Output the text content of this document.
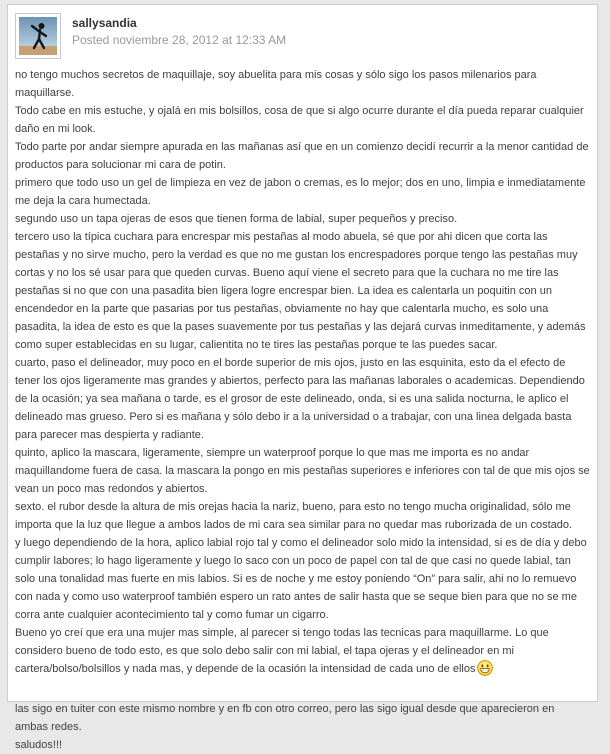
sallysandia
Posted noviembre 28, 2012 at 12:33 AM

no tengo muchos secretos de maquillaje, soy abuelita para mis cosas y sólo sigo los pasos milenarios para maquillarse.

Todo cabe en mis estuche, y ojalá en mis bolsillos, cosa de que si algo ocurre durante el día pueda reparar cualquier daño en mi look.

Todo parte por andar siempre apurada en las mañanas así que en un comienzo decidí recurrir a la menor cantidad de productos para solucionar mi cara de potin.

primero que todo uso un gel de limpieza en vez de jabon o cremas, es lo mejor; dos en uno, limpia e inmediatamente me deja la cara humectada.

segundo uso un tapa ojeras de esos que tienen forma de labial, super pequeños y preciso.

tercero uso la típica cuchara para encrespar mis pestañas al modo abuela, sé que por ahi dicen que corta las pestañas y no sirve mucho, pero la verdad es que no me gustan los encrespadores porque tengo las pestañas muy cortas y no los sé usar para que queden curvas. Bueno aquí viene el secreto para que la cuchara no me tire las pestañas si no que con una pasadita bien ligera logre encrespar bien. La idea es calentarla un poquitin con un encendedor en la parte que pasarias por tus pestañas, obviamente no hay que calentarla mucho, es solo una pasadita, la idea de esto es que la pases suavemente por tus pestañas y las dejará curvas inmeditamente, y además como super establecidas en su lugar, calientita no te tires las pestañas porque te las puedes sacar.

cuarto, paso el delineador, muy poco en el borde superior de mis ojos, justo en las esquinita, esto da el efecto de tener los ojos ligeramente mas grandes y abiertos, perfecto para las mañanas laborales o academicas. Dependiendo de la ocasión; ya sea mañana o tarde, es el grosor de este delineado, onda, si es una salida nocturna, le aplico el delineado mas grueso. Pero si es mañana y sólo debo ir a la universidad o a trabajar, con una linea delgada basta para parecer mas despierta y radiante.

quinto, aplico la mascara, ligeramente, siempre un waterproof porque lo que mas me importa es no andar maquillandome fuera de casa. la mascara la pongo en mis pestañas superiores e inferiores con tal de que mis ojos se vean un poco mas redondos y abiertos.

sexto. el rubor desde la altura de mis orejas hacia la nariz, bueno, para esto no tengo mucha originalidad, sólo me importa que la luz que llegue a ambos lados de mi cara sea similar para no quedar mas ruborizada de un costado.

y luego dependiendo de la hora, aplico labial rojo tal y como el delineador solo mido la intensidad, si es de día y debo cumplir labores; lo hago ligeramente y luego lo saco con un poco de papel con tal de que casi no quede labial, tan solo una tonalidad mas fuerte en mis labios. Si es de noche y me estoy poniendo “On” para salir, ahi no lo remuevo con nada y como uso waterproof también espero un rato antes de salir hasta que se seque bien para que no se me corra ante cualquier acontecimiento tal y como fumar un cigarro.

Bueno yo creí que era una mujer mas simple, al parecer si tengo todas las tecnicas para maquillarme. Lo que considero bueno de todo esto, es que solo debo salir con mi labial, el tapa ojeras y el delineador en mi cartera/bolso/bolsillos y nada mas, y depende de la ocasión la intensidad de cada uno de ellos

las sigo en tuiter con este mismo nombre y en fb con otro correo, pero las sigo igual desde que aparecieron en ambas redes.

saludos!!!
